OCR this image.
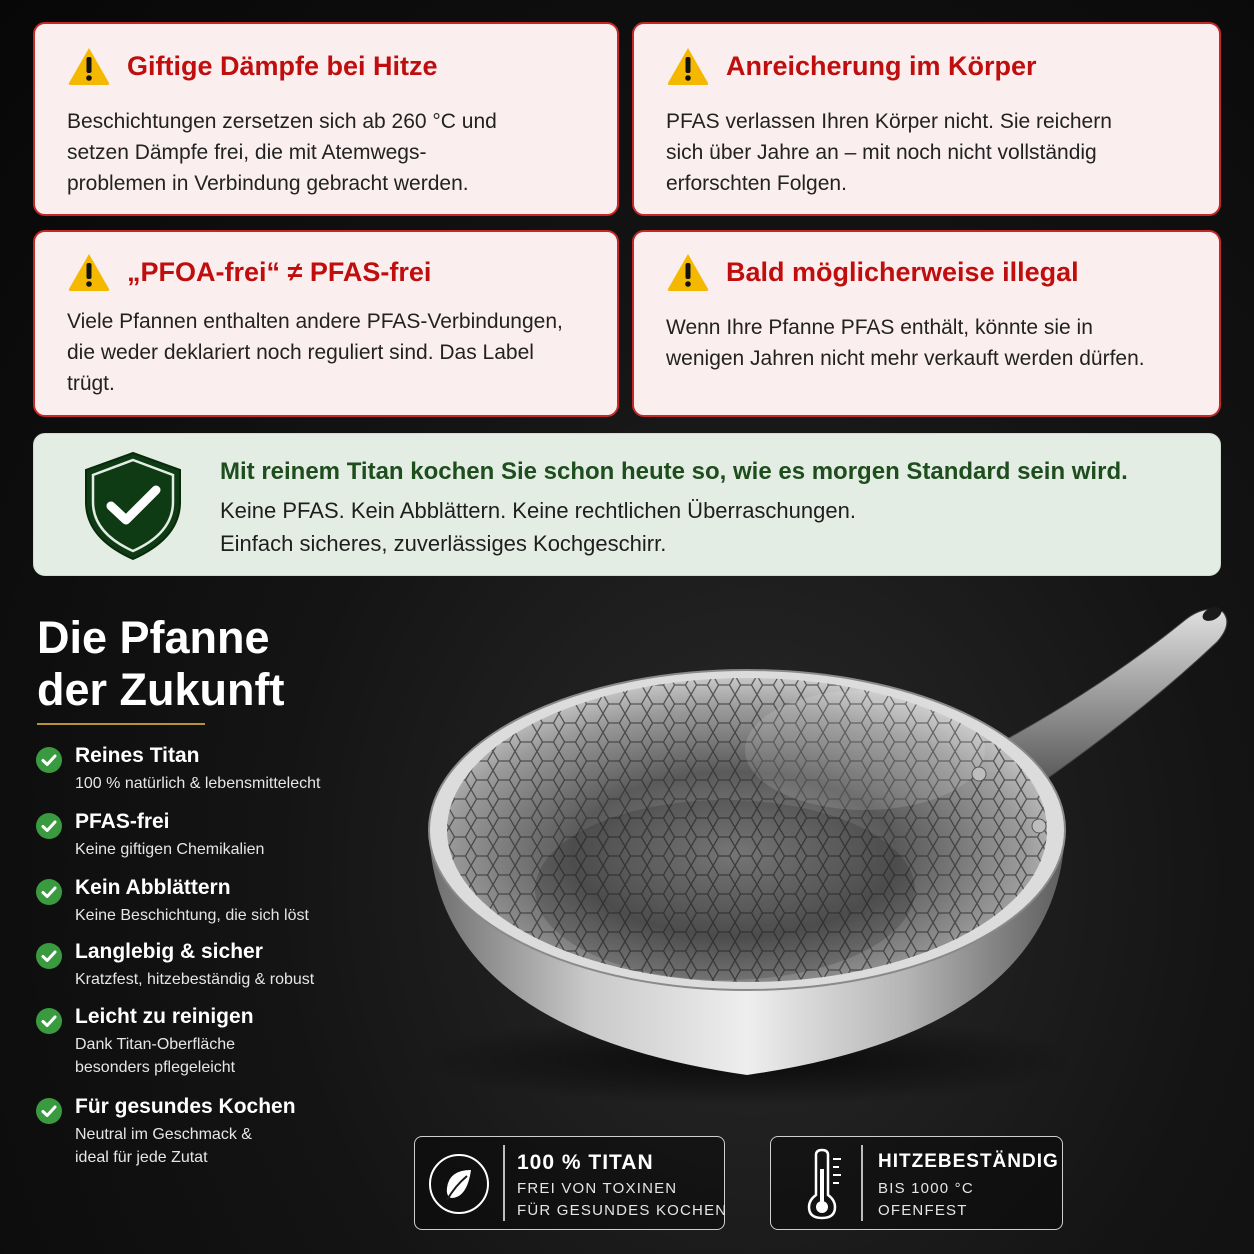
Giftige Dämpfe bei Hitze
Beschichtungen zersetzen sich ab 260 °C und
setzen Dämpfe frei, die mit Atemwegs-
problemen in Verbindung gebracht werden.
Anreicherung im Körper
PFAS verlassen Ihren Körper nicht. Sie reichern
sich über Jahre an – mit noch nicht vollständig
erforschten Folgen.
„PFOA-frei“ ≠ PFAS-frei
Viele Pfannen enthalten andere PFAS-Verbindungen,
die weder deklariert noch reguliert sind. Das Label
trügt.
Bald möglicherweise illegal
Wenn Ihre Pfanne PFAS enthält, könnte sie in
wenigen Jahren nicht mehr verkauft werden dürfen.
Mit reinem Titan kochen Sie schon heute so, wie es morgen Standard sein wird.
Keine PFAS. Kein Abblättern. Keine rechtlichen Überraschungen.
Einfach sicheres, zuverlässiges Kochgeschirr.
Die Pfanne
der Zukunft
Reines Titan
100 % natürlich & lebensmittelecht
PFAS-frei
Keine giftigen Chemikalien
Kein Abblättern
Keine Beschichtung, die sich löst
Langlebig & sicher
Kratzfest, hitzebeständig & robust
Leicht zu reinigen
Dank Titan-Oberfläche
besonders pflegeleicht
Für gesundes Kochen
Neutral im Geschmack &
ideal für jede Zutat	100 % TITAN
FREI VON TOXINEN
FÜR GESUNDES KOCHEN
HITZEBESTÄNDIG
BIS 1000 °C
OFENFEST
